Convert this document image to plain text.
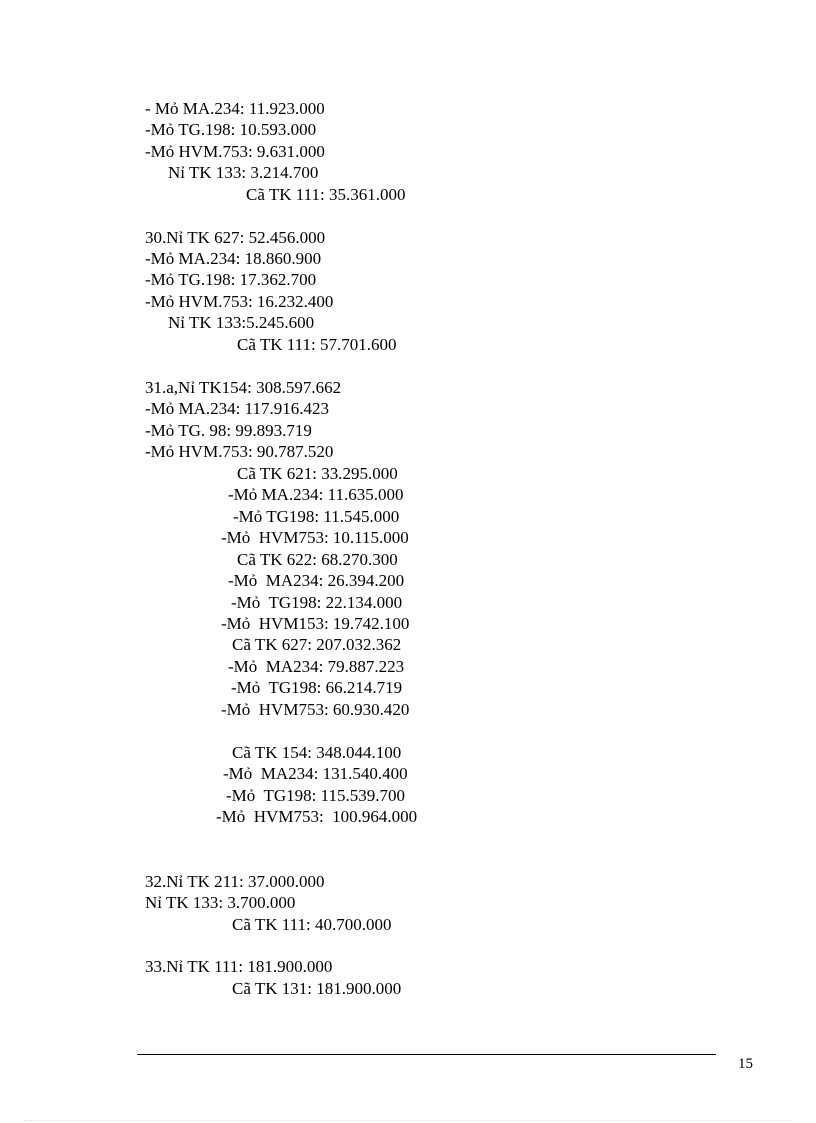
- Mỏ MA.234: 11.923.000
-Mỏ TG.198: 10.593.000
-Mỏ HVM.753: 9.631.000
Nỉ TK 133: 3.214.700
Cã TK 111: 35.361.000
30.Nỉ TK 627: 52.456.000
-Mỏ MA.234: 18.860.900
-Mỏ TG.198: 17.362.700
-Mỏ HVM.753: 16.232.400
Nỉ TK 133:5.245.600
Cã TK 111: 57.701.600
31.a,Nỉ TK154: 308.597.662
-Mỏ MA.234: 117.916.423
-Mỏ TG. 98: 99.893.719
-Mỏ HVM.753: 90.787.520
Cã TK 621: 33.295.000
-Mỏ MA.234: 11.635.000
-Mỏ TG198: 11.545.000
-Mỏ  HVM753: 10.115.000
Cã TK 622: 68.270.300
-Mỏ  MA234: 26.394.200
-Mỏ  TG198: 22.134.000
-Mỏ  HVM153: 19.742.100
Cã TK 627: 207.032.362
-Mỏ  MA234: 79.887.223
-Mỏ  TG198: 66.214.719
-Mỏ  HVM753: 60.930.420
Cã TK 154: 348.044.100
-Mỏ  MA234: 131.540.400
-Mỏ  TG198: 115.539.700
-Mỏ  HVM753:  100.964.000
32.Nỉ TK 211: 37.000.000
Nỉ TK 133: 3.700.000
Cã TK 111: 40.700.000
33.Nỉ TK 111: 181.900.000
Cã TK 131: 181.900.000
15
